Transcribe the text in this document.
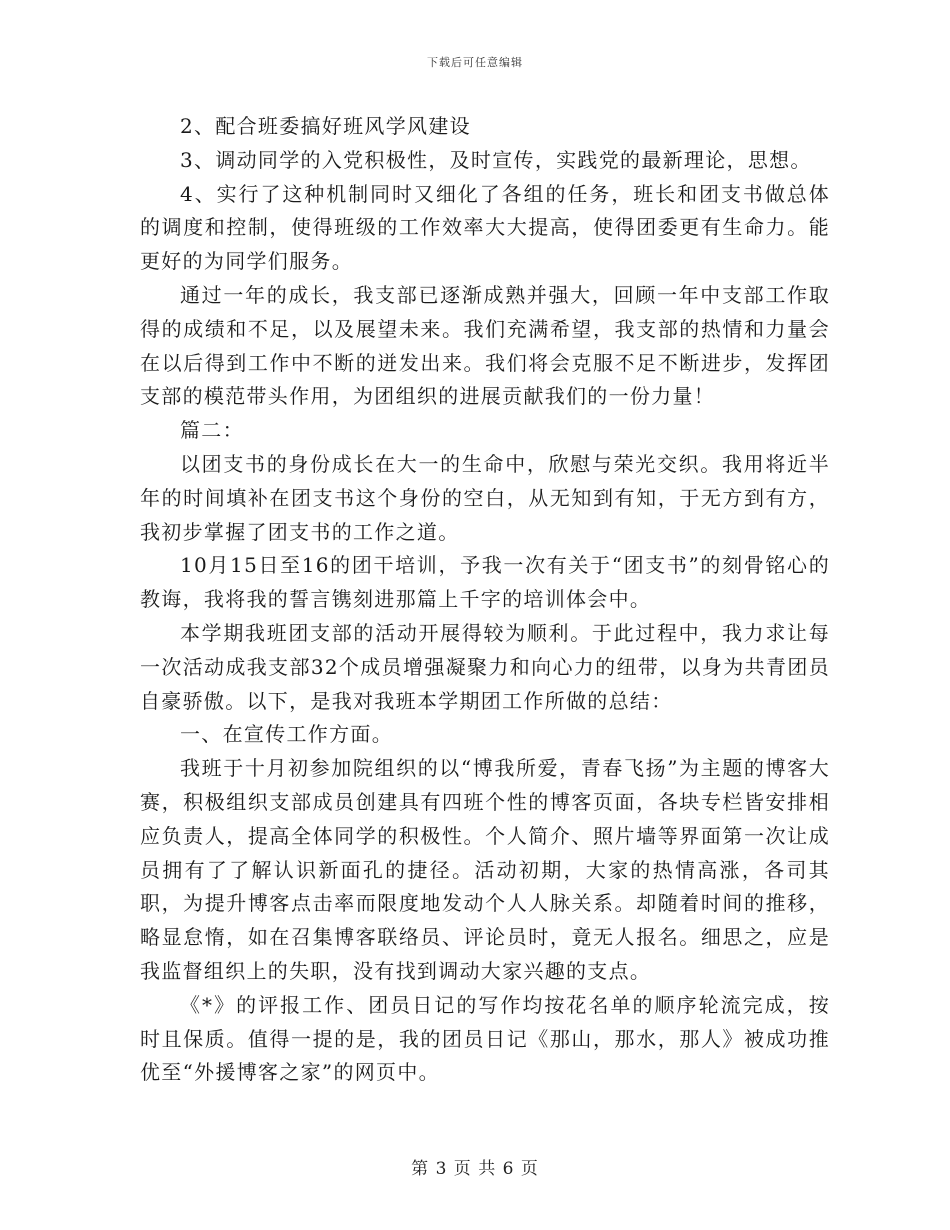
下载后可任意编辑

2、配合班委搞好班风学风建设

3、调动同学的入党积极性，及时宣传，实践党的最新理论，思想。

4、实行了这种机制同时又细化了各组的任务，班长和团支书做总体的调度和控制，使得班级的工作效率大大提高，使得团委更有生命力。能更好的为同学们服务。

通过一年的成长，我支部已逐渐成熟并强大，回顾一年中支部工作取得的成绩和不足，以及展望未来。我们充满希望，我支部的热情和力量会在以后得到工作中不断的迸发出来。我们将会克服不足不断进步，发挥团支部的模范带头作用，为团组织的进展贡献我们的一份力量！

篇二：

以团支书的身份成长在大一的生命中，欣慰与荣光交织。我用将近半年的时间填补在团支书这个身份的空白，从无知到有知，于无方到有方，我初步掌握了团支书的工作之道。

10月15日至16的团干培训，予我一次有关于“团支书”的刻骨铭心的教诲，我将我的誓言镌刻进那篇上千字的培训体会中。

本学期我班团支部的活动开展得较为顺利。于此过程中，我力求让每一次活动成我支部32个成员增强凝聚力和向心力的纽带，以身为共青团员自豪骄傲。以下，是我对我班本学期团工作所做的总结：

一、在宣传工作方面。

我班于十月初参加院组织的以“博我所爱，青春飞扬”为主题的博客大赛，积极组织支部成员创建具有四班个性的博客页面，各块专栏皆安排相应负责人，提高全体同学的积极性。个人简介、照片墙等界面第一次让成员拥有了了解认识新面孔的捷径。活动初期，大家的热情高涨，各司其职，为提升博客点击率而限度地发动个人人脉关系。却随着时间的推移，略显怠惰，如在召集博客联络员、评论员时，竟无人报名。细思之，应是我监督组织上的失职，没有找到调动大家兴趣的支点。

《*》的评报工作、团员日记的写作均按花名单的顺序轮流完成，按时且保质。值得一提的是，我的团员日记《那山，那水，那人》被成功推优至“外援博客之家”的网页中。

第 3 页 共 6 页
